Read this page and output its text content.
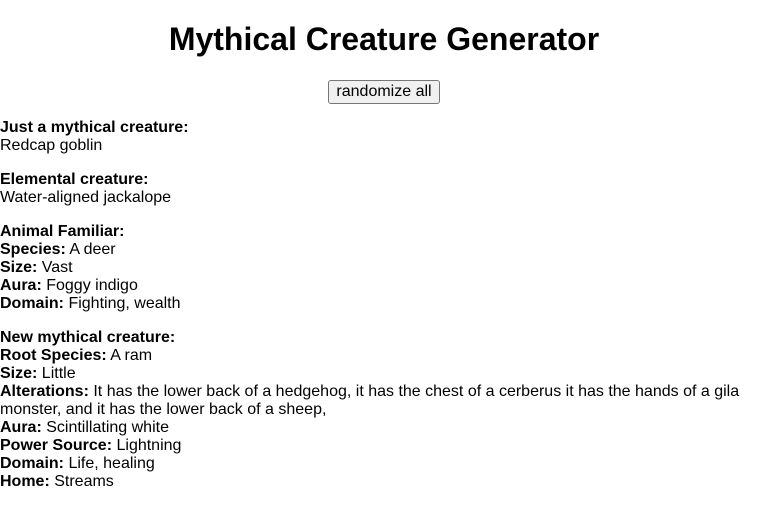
Mythical Creature Generator
randomize all
Just a mythical creature:
Redcap goblin
Elemental creature:
Water-aligned jackalope
Animal Familiar:
Species: A deer
Size: Vast
Aura: Foggy indigo
Domain: Fighting, wealth
New mythical creature:
Root Species: A ram
Size: Little
Alterations: It has the lower back of a hedgehog, it has the chest of a cerberus it has the hands of a gila monster, and it has the lower back of a sheep,
Aura: Scintillating white
Power Source: Lightning
Domain: Life, healing
Home: Streams
